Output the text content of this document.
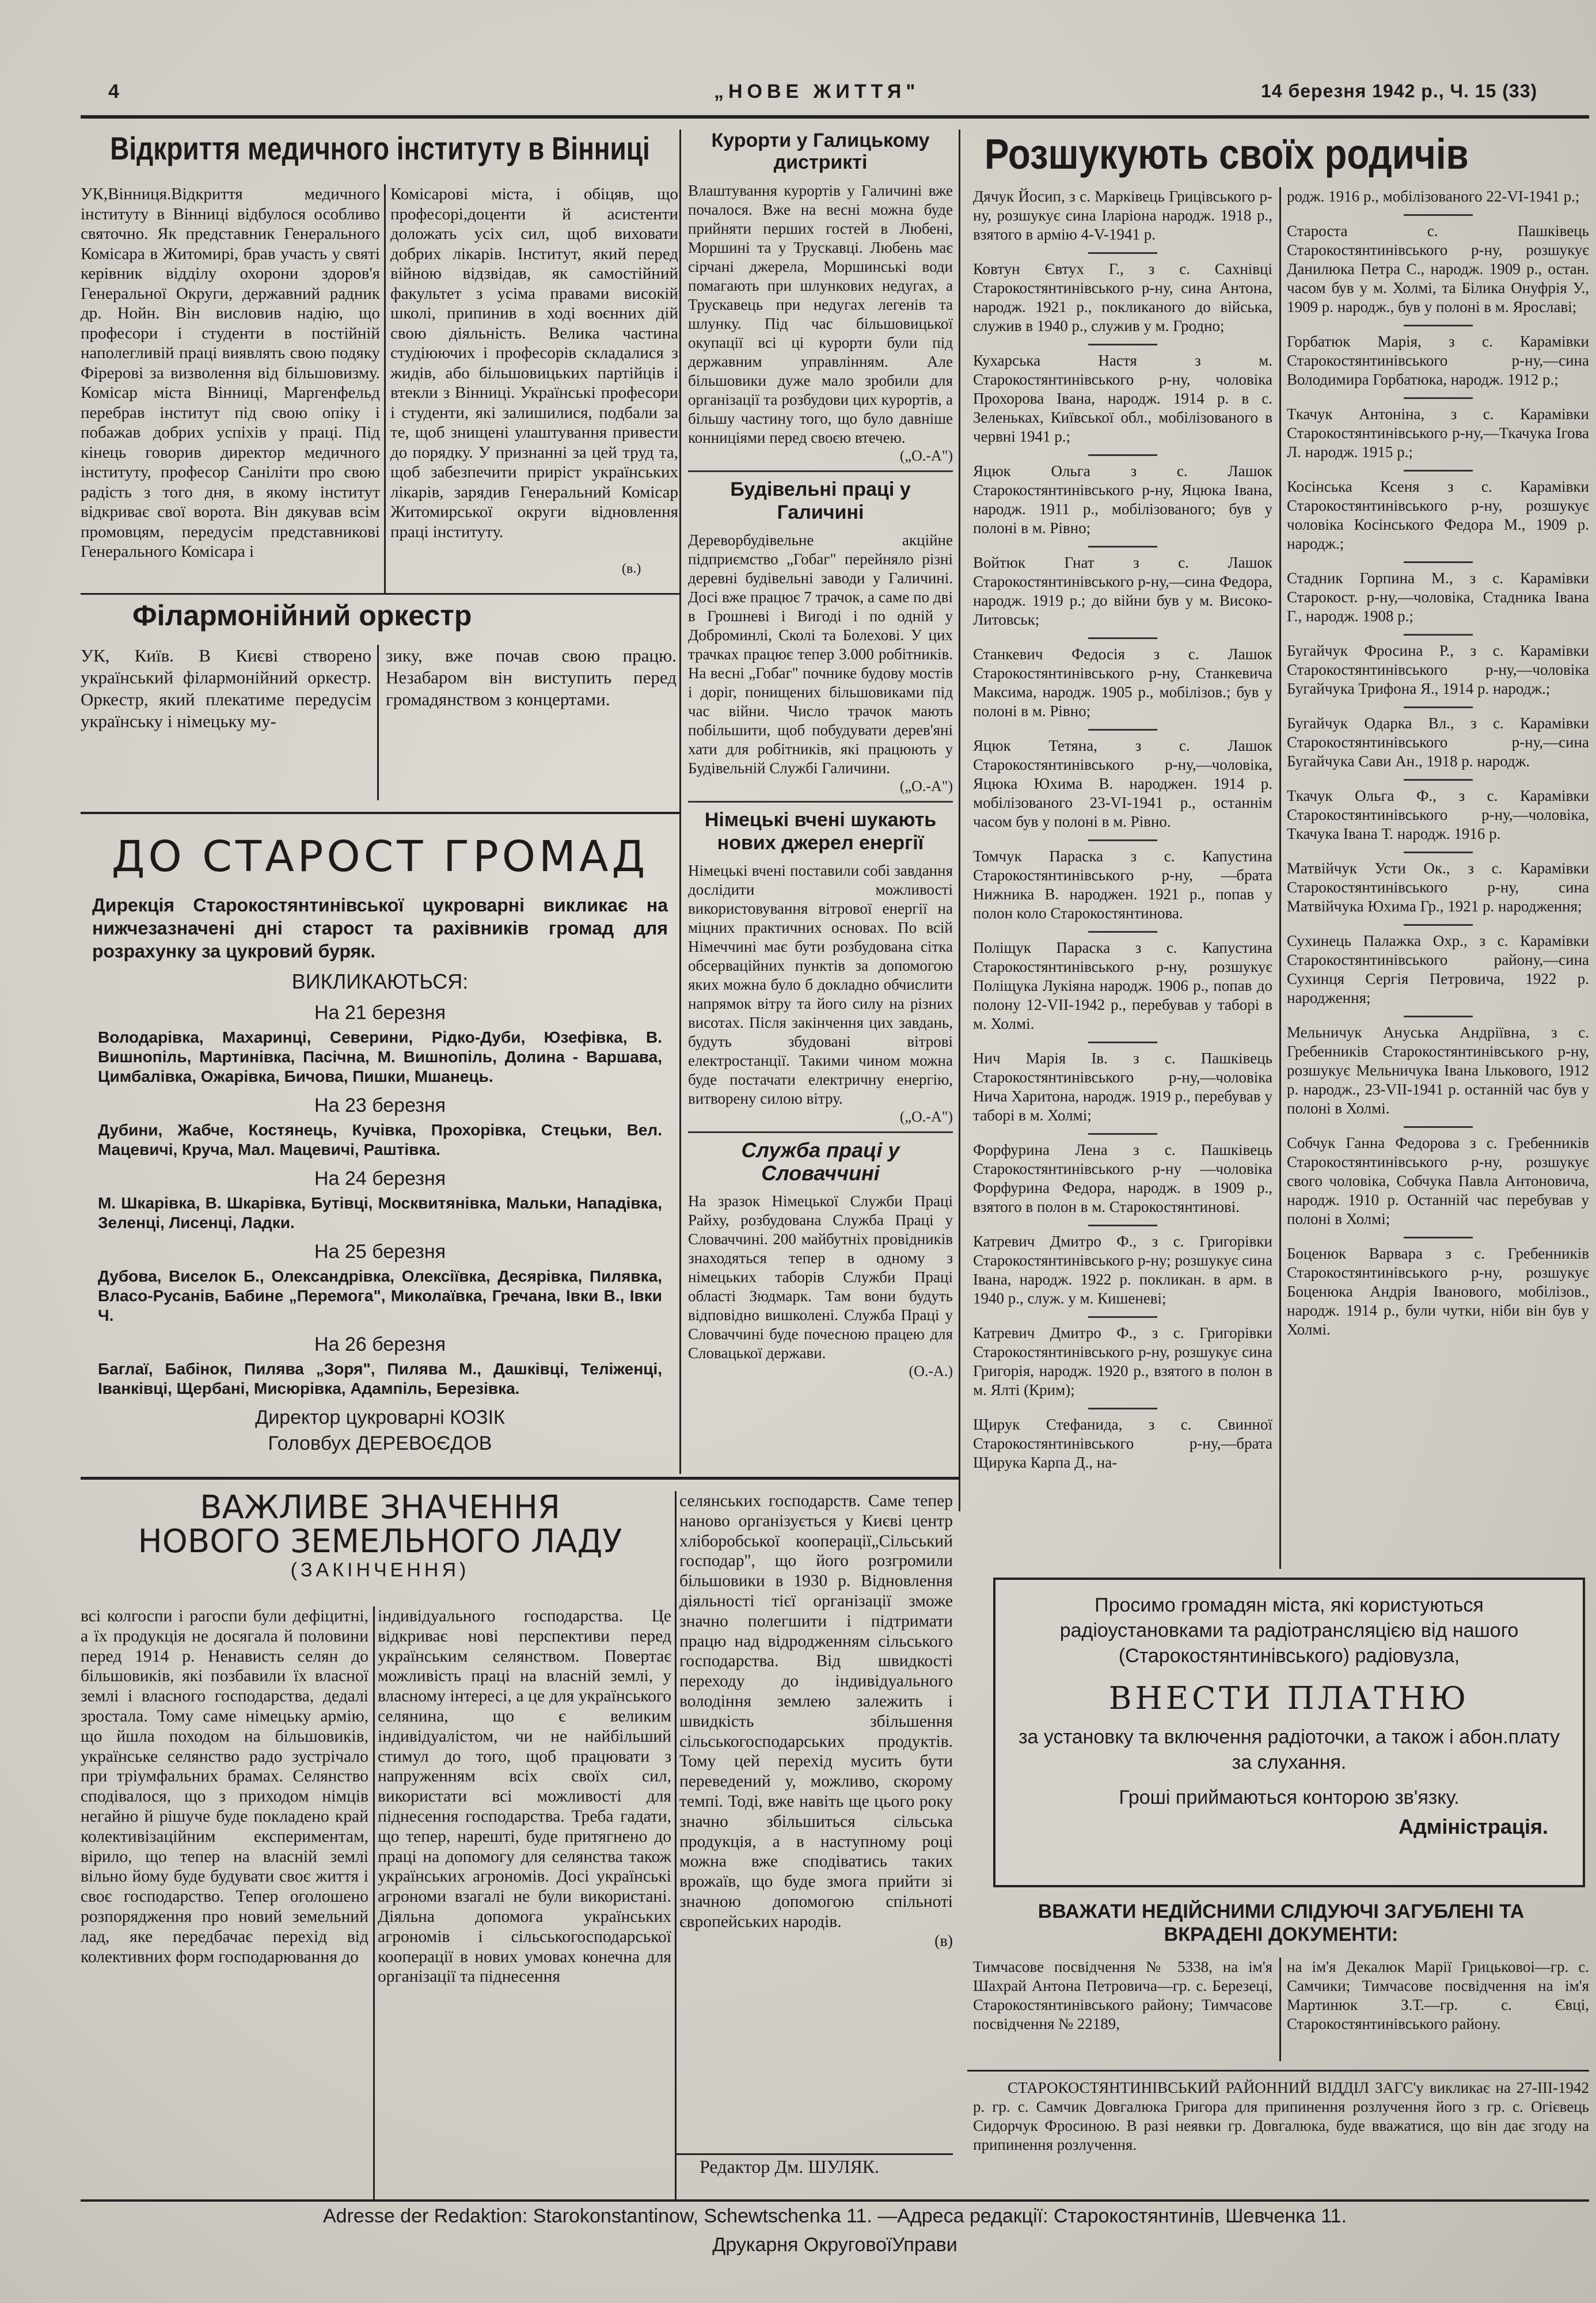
4	„НОВЕ ЖИТТЯ"	14 березня 1942 р., Ч. 15 (33)
Відкриття медичного інституту в Вінниці

УК,Вінниця.Відкриття медичного інституту в Вінниці відбулося особливо святочно. Як представник Генерального Комісара в Житомирі, брав участь у святі керівник відділу охорони здоров'я Генеральної Округи, державний радник др. Нойн. Він висловив надію, що професори і студенти в постійній наполегливій праці виявлять свою подяку Фірерові за визволення від більшовизму. Комісар міста Вінниці, Маргенфельд перебрав інститут під свою опіку і побажав добрих успіхів у праці. Під кінець говорив директор медичного інституту, професор Саніліти про свою радість з того дня, в якому інститут відкриває свої ворота. Він дякував всім промовцям, передусім представникові Генерального Комісара і

Комісарові міста, і обіцяв, що професорі,доценти й асистенти доложать усіх сил, щоб виховати добрих лікарів. Інститут, який перед війною відзвідав, як самостійний факультет з усіма правами високій школі, припинив в ході воєнних дій свою діяльність. Велика частина студіюючих і професорів складалися з жидів, або більшовицьких партійців і втекли з Вінниці. Українські професори і студенти, які залишилися, подбали за те, щоб знищені улаштування привести до порядку. У признанні за цей труд та, щоб забезпечити приріст українських лікарів, зарядив Генеральний Комісар Житомирської округи відновлення праці інституту.

(в.)
Філармонійний оркестр

УК, Київ. В Києві створено український філармонійний оркестр. Оркестр, який плекатиме передусім українську і німецьку му-

зику, вже почав свою працю. Незабаром він виступить перед громадянством з концертами.

ДО СТАРОСТ ГРОМАД

Дирекція Старокостянтинівської цукроварні викликає на нижчезазначені дні старост та рахівників громад для розрахунку за цукровий буряк.

ВИКЛИКАЮТЬСЯ:
На 21 березня

Володарівка, Махаринці, Северини, Рідко-Дуби, Юзефівка, В. Вишнопіль, Мартинівка, Пасічна, М. Вишнопіль, Долина - Варшава, Цимбалівка, Ожарівка, Бичова, Пишки, Мшанець.

На 23 березня

Дубини, Жабче, Костянець, Кучівка, Прохорівка, Стецьки, Вел. Мацевичі, Круча, Мал. Мацевичі, Раштівка.

На 24 березня

М. Шкарівка, В. Шкарівка, Бутівці, Москвитянівка, Мальки, Нападівка, Зеленці, Лисенці, Ладки.

На 25 березня

Дубова, Виселок Б., Олександрівка, Олексіївка, Десярівка, Пилявка, Власо-Русанів, Бабине „Перемога", Миколаївка, Гречана, Івки В., Івки Ч.

На 26 березня

Баглаї, Бабінок, Пилява „Зоря", Пилява М., Дашківці, Теліженці, Іванківці, Щербані, Мисюрівка, Адампіль, Березівка.

Директор цукроварні КОЗІК
Головбух ДЕРЕВОЄДОВ
Курорти у Галицькому дистрикті

Влаштування курортів у Галичині вже почалося. Вже на весні можна буде прийняти перших гостей в Любені, Моршині та у Трускавці. Любень має сірчані джерела, Моршинські води помагають при шлункових недугах, а Трускавець при недугах легенів та шлунку. Під час більшовицької окупації всі ці курорти були під державним управлінням. Але більшовики дуже мало зробили для організації та розбудови цих курортів, а більшу частину того, що було давніше конниціями перед своєю втечею.

(„О.-А")
Будівельні праці у Галичині

Дереворбудівельне акційне підприємство „Гобаг" перейняло різні деревні будівельні заводи у Галичині. Досі вже працює 7 трачок, а саме по дві в Грошневі і Вигоді і по одній у Доброминлі, Сколі та Болехові. У цих трачках працює тепер 3.000 робітників. На весні „Гобаг" почнике будову мостів і доріг, понищених більшовиками під час війни. Число трачок мають побільшити, щоб побудувати дерев'яні хати для робітників, які працюють у Будівельній Службі Галичини.

(„О.-А")
Німецькі вчені шукають нових джерел енергії

Німецькі вчені поставили собі завдання дослідити можливості використовування вітрової енергії на міцних практичних основах. По всій Німеччині має бути розбудована сітка обсерваційних пунктів за допомогою яких можна було б докладно обчислити напрямок вітру та його силу на різних висотах. Після закінчення цих завдань, будуть збудовані вітрові електростанції. Такими чином можна буде постачати електричну енергію, витворену силою вітру.

(„О.-А")
Служба праці у Словаччині

На зразок Німецької Служби Праці Райху, розбудована Служба Праці у Словаччині. 200 майбутніх провідників знаходяться тепер в одному з німецьких таборів Служби Праці області Зюдмарк. Там вони будуть відповідно вишколені. Служба Праці у Словаччині буде почесною працею для Словацької держави.

(О.-А.)
Розшукують своїх родичів

Дячук Йосип, з с. Марківець Грицівського р-ну, розшукує сина Іларіона народж. 1918 р., взятого в армію 4-V-1941 р.

Ковтун Євтух Г., з с. Сахнівці Старокостянтинівського р-ну, сина Антона, народж. 1921 р., покликаного до війська, служив в 1940 р., служив у м. Гродно;

Кухарська Настя з м. Старокостянтинівського р-ну, чоловіка Прохорова Івана, народж. 1914 р. в с. Зеленьках, Київської обл., мобілізованого в червні 1941 р.;

Яцюк Ольга з с. Лашок Старокостянтинівського р-ну, Яцюка Івана, народж. 1911 р., мобілізованого; був у полоні в м. Рівно;

Войтюк Гнат з с. Лашок Старокостянтинівського р-ну,—сина Федора, народж. 1919 р.; до війни був у м. Високо-Литовськ;

Станкевич Федосія з с. Лашок Старокостянтинівського р-ну, Станкевича Максима, народж. 1905 р., мобілізов.; був у полоні в м. Рівно;

Яцюк Тетяна, з с. Лашок Старокостянтинівського р-ну,—чоловіка, Яцюка Юхима В. народжен. 1914 р. мобілізованого 23-VI-1941 р., останнім часом був у полоні в м. Рівно.

Томчук Параска з с. Капустина Старокостянтинівського р-ну, —брата Нижника В. народжен. 1921 р., попав у полон коло Старокостянтинова.

Поліщук Параска з с. Капустина Старокостянтинівського р-ну, розшукує Поліщука Лукіяна народж. 1906 р., попав до полону 12-VII-1942 р., перебував у таборі в м. Холмі.

Нич Марія Ів. з с. Пашківець Старокостянтинівського р-ну,—чоловіка Нича Харитона, народж. 1919 р., перебував у таборі в м. Холмі;

Форфурина Лена з с. Пашківець Старокостянтинівського р-ну —чоловіка Форфурина Федора, народж. в 1909 р., взятого в полон в м. Старокостянтинові.

Катревич Дмитро Ф., з с. Григорівки Старокостянтинівського р-ну; розшукує сина Івана, народж. 1922 р. покликан. в арм. в 1940 р., служ. у м. Кишеневі;

Катревич Дмитро Ф., з с. Григорівки Старокостянтинівського р-ну, розшукує сина Григорія, народж. 1920 р., взятого в полон в м. Ялті (Крим);

Щирук Стефанида, з с. Свинної Старокостянтинівського р-ну,—брата Щирука Карпа Д., на-

родж. 1916 р., мобілізованого 22-VI-1941 р.;

Староста с. Пашківець Старокостянтинівського р-ну, розшукує Данилюка Петра С., народж. 1909 р., остан. часом був у м. Холмі, та Білика Онуфрія У., 1909 р. народж., був у полоні в м. Ярославі;

Горбатюк Марія, з с. Карамівки Старокостянтинівського р-ну,—сина Володимира Горбатюка, народж. 1912 р.;

Ткачук Антоніна, з с. Карамівки Старокостянтинівського р-ну,—Ткачука Ігова Л. народж. 1915 р.;

Косінська Ксеня з с. Карамівки Старокостянтинівського р-ну, розшукує чоловіка Косінського Федора М., 1909 р. народж.;

Стадник Горпина М., з с. Карамівки Старокост. р-ну,—чоловіка, Стадника Івана Г., народж. 1908 р.;

Бугайчук Фросина Р., з с. Карамівки Старокостянтинівського р-ну,—чоловіка Бугайчука Трифона Я., 1914 р. народж.;

Бугайчук Одарка Вл., з с. Карамівки Старокостянтинівського р-ну,—сина Бугайчука Сави Ан., 1918 р. народж.

Ткачук Ольга Ф., з с. Карамівки Старокостянтинівського р-ну,—чоловіка, Ткачука Івана Т. народж. 1916 р.

Матвійчук Усти Ок., з с. Карамівки Старокостянтинівського р-ну, сина Матвійчука Юхима Гр., 1921 р. народження;

Сухинець Палажка Охр., з с. Карамівки Старокостянтинівського району,—сина Сухинця Сергія Петровича, 1922 р. народження;

Мельничук Ануська Андріївна, з с. Гребенників Старокостянтинівського р-ну, розшукує Мельничука Івана Ількового, 1912 р. народж., 23-VII-1941 р. останній час був у полоні в Холмі.

Собчук Ганна Федорова з с. Гребенників Старокостянтинівського р-ну, розшукує свого чоловіка, Собчука Павла Антоновича, народж. 1910 р. Останній час перебував у полоні в Холмі;

Боценюк Варвара з с. Гребенників Старокостянтинівського р-ну, розшукує Боценюка Андрія Іванового, мобілізов., народж. 1914 р., були чутки, ніби він був у Холмі.

ВАЖЛИВЕ ЗНАЧЕННЯ
НОВОГО ЗЕМЕЛЬНОГО ЛАДУ
(ЗАКІНЧЕННЯ)

всі колгоспи і рагоспи були дефіцитні, а їх продукція не досягала й половини перед 1914 р. Ненависть селян до більшовиків, які позбавили їх власної землі і власного господарства, дедалі зростала. Тому саме німецьку армію, що йшла походом на більшовиків, українське селянство радо зустрічало при тріумфальних брамах. Селянство сподівалося, що з приходом німців негайно й рішуче буде покладено край колективізаційним експериментам, вірило, що тепер на власній землі вільно йому буде будувати своє життя і своє господарство. Тепер оголошено розпорядження про новий земельний лад, яке передбачає перехід від колективних форм господарювання до

індивідуального господарства. Це відкриває нові перспективи перед українським селянством. Повертає можливість праці на власній землі, у власному інтересі, а це для українського селянина, що є великим індивідуалістом, чи не найбільший стимул до того, щоб працювати з напруженням всіх своїх сил, використати всі можливості для піднесення господарства. Треба гадати, що тепер, нарешті, буде притягнено до праці на допомогу для селянства також українських агрономів. Досі українські агрономи взагалі не були використані. Діяльна допомога українських агрономів і сільськогосподарської кооперації в нових умовах конечна для організації та піднесення

селянських господарств. Саме тепер наново організується у Києві центр хліборобської кооперації„Сільський господар", що його розгромили більшовики в 1930 р. Відновлення діяльності тієї організації зможе значно полегшити і підтримати працю над відродженням сільського господарства. Від швидкості переходу до індивідуального володіння землею залежить і швидкість збільшення сільськогосподарських продуктів. Тому цей перехід мусить бути переведений у, можливо, скорому темпі. Тоді, вже навіть ще цього року значно збільшиться сільська продукція, а в наступному році можна вже сподіватись таких врожаїв, що буде змога прийти зі значною допомогою спільноті європейських народів.

(в)
Редактор Дм. ШУЛЯК.
Просимо громадян міста, які користуються радіоустановками та радіотрансляцією від нашого (Старокостянтинівського) радіовузла,
ВНЕСТИ ПЛАТНЮ
за установку та включення радіоточки, а також і абон.плату за слухання.
Гроші приймаються конторою зв'язку.
Адміністрація.
ВВАЖАТИ НЕДІЙСНИМИ СЛІДУЮЧІ ЗАГУБЛЕНІ ТА ВКРАДЕНІ ДОКУМЕНТИ:

Тимчасове посвідчення № 5338, на ім'я Шахрай Антона Петровича—гр. с. Березецi, Старокостянтинівського району; Тимчасове посвідчення № 22189,

на ім'я Декалюк Марії Грицьковоі—гр. с. Самчики; Тимчасове посвідчення на ім'я Мартинюк З.Т.—гр. с. Євці, Старокостянтинівського району.

СТАРОКОСТЯНТИНІВСЬКИЙ РАЙОННИЙ ВІДДІЛ ЗАГС'у викликає на 27-ІІІ-1942 р. гр. с. Самчик Довгалюка Григора для припинення розлучення його з гр. с. Огієвець Сидорчук Фросиною. В разі неявки гр. Довгалюка, буде вважатися, що він дає згоду на припинення розлучення.

Adresse der Redaktion: Starokonstantinow, Schewtschenka 11. —Адреса редакції: Старокостянтинів, Шевченка 11.
Друкарня ОкруговоїУправи
